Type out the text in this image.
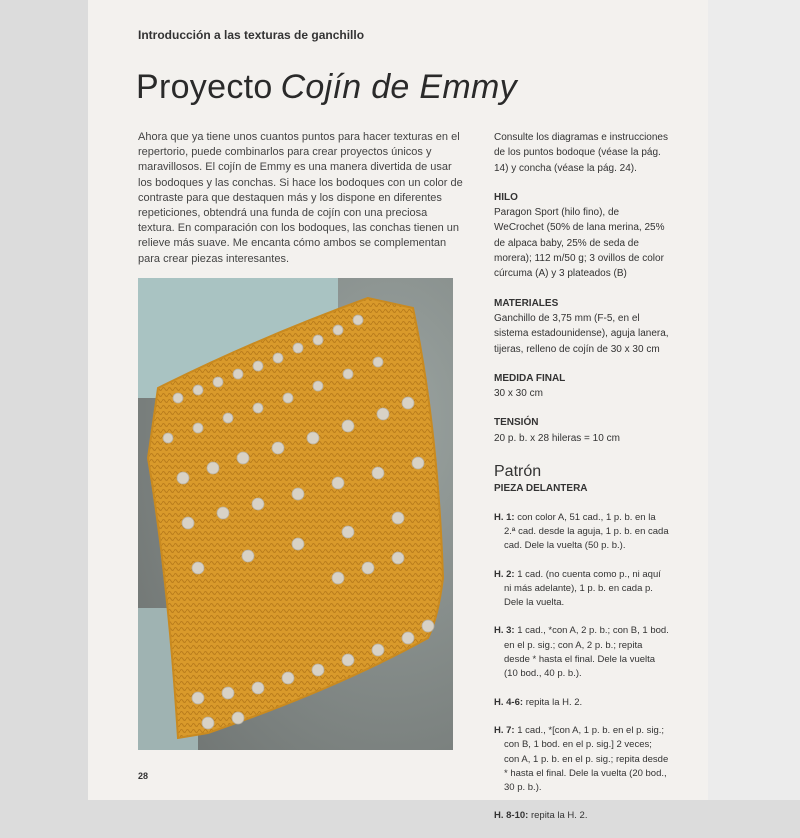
Introducción a las texturas de ganchillo
Proyecto Cojín de Emmy

Ahora que ya tiene unos cuantos puntos para hacer texturas en el repertorio, puede combinarlos para crear proyectos únicos y maravillosos. El cojín de Emmy es una manera divertida de usar los bodoques y las conchas. Si hace los bodoques con un color de contraste para que destaquen más y los dispone en diferentes repeticiones, obtendrá una funda de cojín con una preciosa textura. En comparación con los bodoques, las conchas tienen un relieve más suave. Me encanta cómo ambos se complementan para crear piezas interesantes.

Consulte los diagramas e instrucciones de los puntos bodoque (véase la pág. 14) y concha (véase la pág. 24).

HILO

Paragon Sport (hilo fino), de WeCrochet (50% de lana merina, 25% de alpaca baby, 25% de seda de morera); 112 m/50 g; 3 ovillos de color cúrcuma (A) y 3 plateados (B)

MATERIALES

Ganchillo de 3,75 mm (F-5, en el sistema estadounidense), aguja lanera, tijeras, relleno de cojín de 30 x 30 cm

MEDIDA FINAL

30 x 30 cm

TENSIÓN

20 p. b. x 28 hileras = 10 cm

Patrón

PIEZA DELANTERA

H. 1: con color A, 51 cad., 1 p. b. en la 2.ª cad. desde la aguja, 1 p. b. en cada cad. Dele la vuelta (50 p. b.).

H. 2: 1 cad. (no cuenta como p., ni aquí ni más adelante), 1 p. b. en cada p. Dele la vuelta.

H. 3: 1 cad., *con A, 2 p. b.; con B, 1 bod. en el p. sig.; con A, 2 p. b.; repita desde * hasta el final. Dele la vuelta (10 bod., 40 p. b.).

H. 4-6: repita la H. 2.

H. 7: 1 cad., *[con A, 1 p. b. en el p. sig.; con B, 1 bod. en el p. sig.] 2 veces; con A, 1 p. b. en el p. sig.; repita desde * hasta el final. Dele la vuelta (20 bod., 30 p. b.).

H. 8-10: repita la H. 2.

28
